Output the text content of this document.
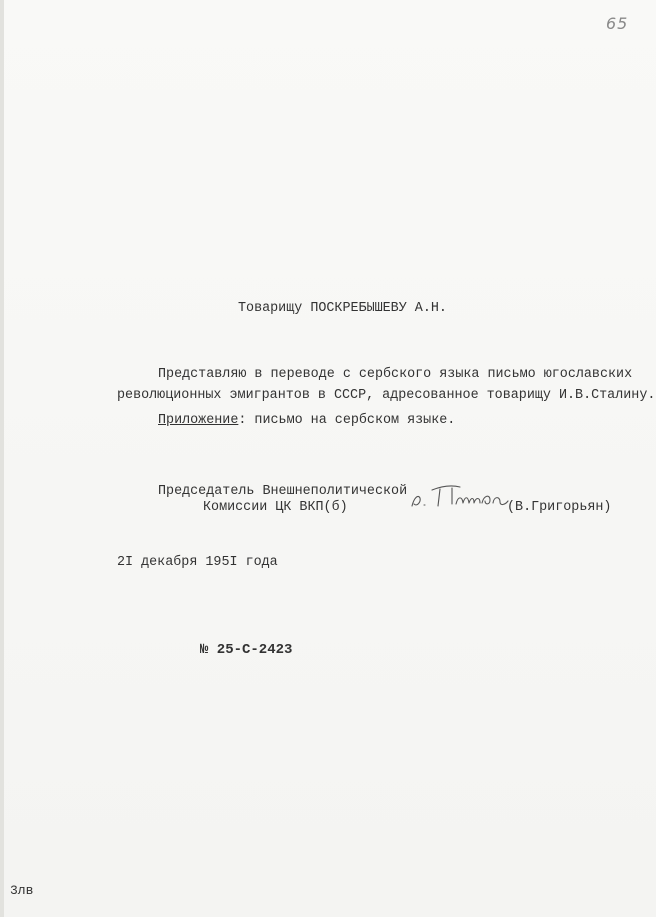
65
Товарищу ПОСКРЕБЫШЕВУ А.Н.
Представляю в переводе с сербского языка письмо югославских
революционных эмигрантов в СССР, адресованное товарищу И.В.Сталину.
Приложение: письмо на сербском языке.
Председатель Внешнеполитической
Комиссии ЦК ВКП(б)	(В.Григорьян)
2I декабря 195I года
№ 25-С-2423
3лв
